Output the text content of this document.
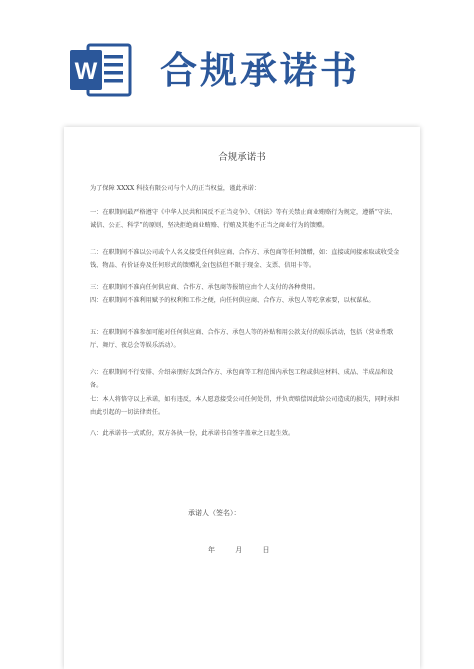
W 合规承诺书
合规承诺书

为了保障 XXXX 科技有限公司与个人的正当权益，谨此承诺：

一：在职期间最严格遵守《中华人民共和国反不正当竞争》、《刑法》等有关禁止商业贿赂行为规定，遵循“守法、诚信、公正、科学”的原则，坚决拒绝商业贿赂、行贿及其他不正当之商业行为的馈赠。

二：在职期间不准以公司或个人名义接受任何供应商、合作方、承包商等任何馈赠，如：直接或间接索取或收受金钱、物品、有价证券及任何形式的馈赠礼金(包括但不限于现金、支票、信用卡等。

三：在职期间不准向任何供应商、合作方、承包商等报销应由个人支付的各种费用。

四：在职期间不准利用赋予的权利和工作之便，向任何供应商、合作方、承包人等吃拿索要，以权谋私。

五：在职期间不准参加可能对任何供应商、合作方、承包人等的补贴和用公款支付的娱乐活动，包括（营业性歌厅、舞厅、夜总会等娱乐活动）。

六：在职期间不行安排、介绍亲朋好友到合作方、承包商等工程范围内承包工程或供应材料、成品、半成品和设备。

七：本人将恪守以上承诺，如有违反，本人愿意接受公司任何处罚，并负责赔偿因此给公司造成的损失，同时承担由此引起的一切法律责任。

八：此承诺书一式贰份，双方各执一份，此承诺书自签字盖章之日起生效。

承诺人（签名）：
年 月 日
